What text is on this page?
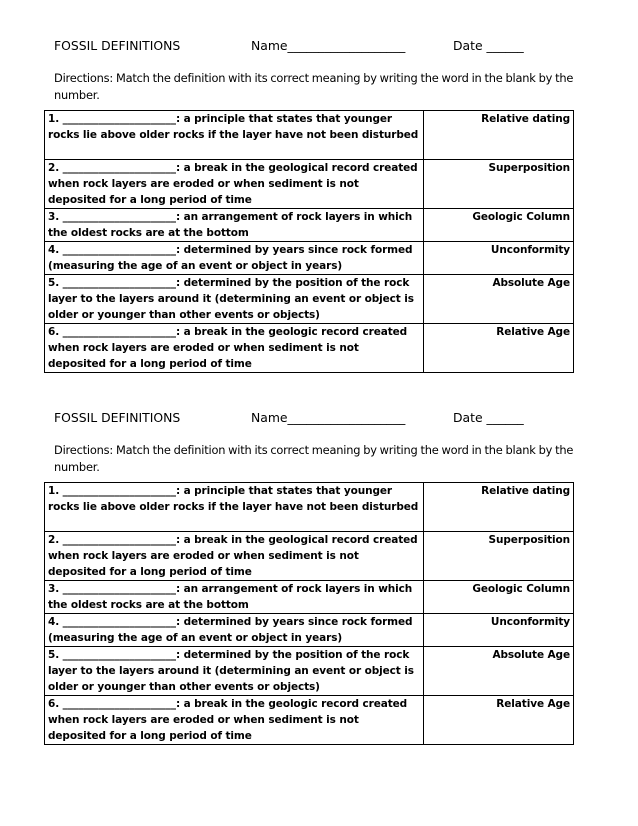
FOSSIL DEFINITIONS	Name___________________	Date ______
Directions: Match the definition with its correct meaning by writing the word in the blank by the number.
1. ______________________: a principle that states that younger rocks lie above older rocks if the layer have not been disturbed	Relative dating
2. ______________________: a break in the geological record created when rock layers are eroded or when sediment is not deposited for a long period of time	Superposition
3. ______________________: an arrangement of rock layers in which the oldest rocks are at the bottom	Geologic Column
4. ______________________: determined by years since rock formed (measuring the age of an event or object in years)	Unconformity
5. ______________________: determined by the position of the rock layer to the layers around it (determining an event or object is older or younger than other events or objects)	Absolute Age
6. ______________________: a break in the geologic record created when rock layers are eroded or when sediment is not deposited for a long period of time	Relative Age
FOSSIL DEFINITIONS	Name___________________	Date ______
Directions: Match the definition with its correct meaning by writing the word in the blank by the number.
1. ______________________: a principle that states that younger rocks lie above older rocks if the layer have not been disturbed	Relative dating
2. ______________________: a break in the geological record created when rock layers are eroded or when sediment is not deposited for a long period of time	Superposition
3. ______________________: an arrangement of rock layers in which the oldest rocks are at the bottom	Geologic Column
4. ______________________: determined by years since rock formed (measuring the age of an event or object in years)	Unconformity
5. ______________________: determined by the position of the rock layer to the layers around it (determining an event or object is older or younger than other events or objects)	Absolute Age
6. ______________________: a break in the geologic record created when rock layers are eroded or when sediment is not deposited for a long period of time	Relative Age
